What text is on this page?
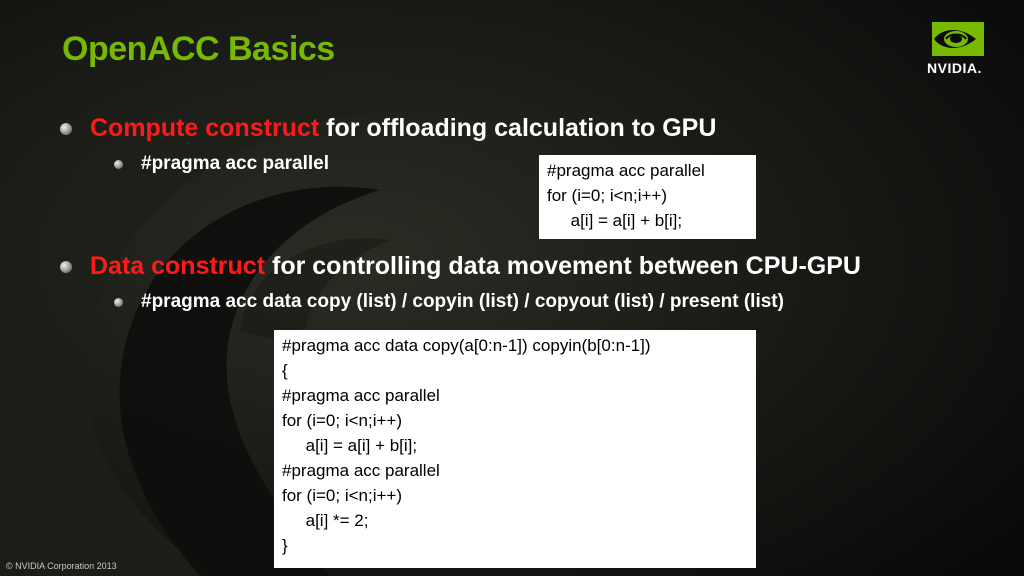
OpenACC Basics	NVIDIA.
Compute construct for offloading calculation to GPU
#pragma acc parallel	#pragma acc parallel
for (i=0; i<n;i++)
a[i] = a[i] + b[i];
Data construct for controlling data movement between CPU-GPU
#pragma acc data copy (list) / copyin (list) / copyout (list) / present (list)
#pragma acc data copy(a[0:n-1]) copyin(b[0:n-1])
{
#pragma acc parallel
for (i=0; i<n;i++)
a[i] = a[i] + b[i];
#pragma acc parallel
for (i=0; i<n;i++)
a[i] *= 2;
}
© NVIDIA Corporation 2013
